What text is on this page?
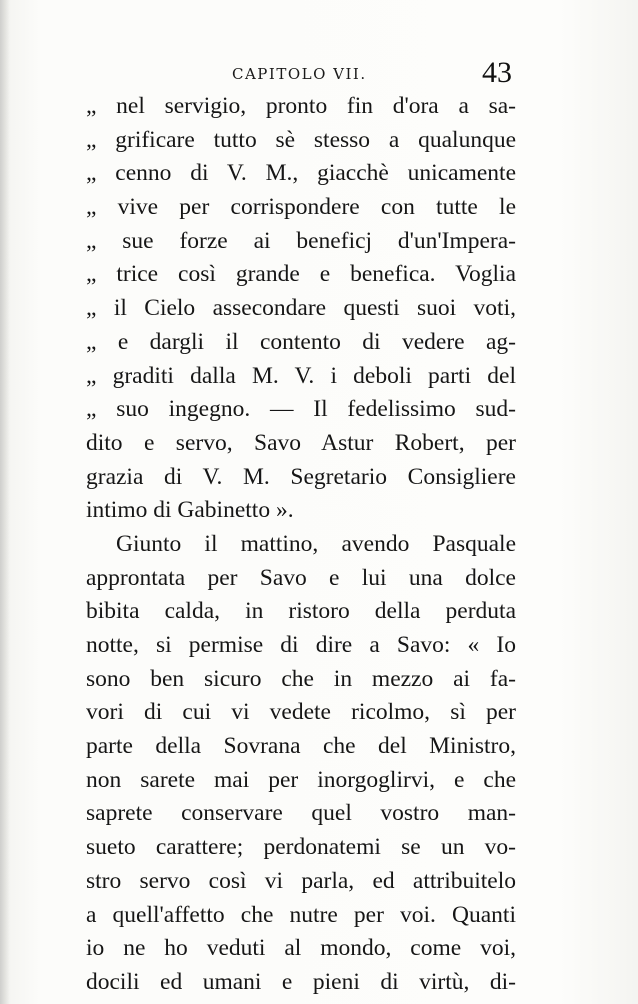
CAPITOLO VII.	43
„ nel servigio, pronto fin d'ora a sa-
„ grificare tutto sè stesso a qualunque
„ cenno di V. M., giacchè unicamente
„ vive per corrispondere con tutte le
„ sue forze ai beneficj d'un'Impera-
„ trice così grande e benefica. Voglia
„ il Cielo assecondare questi suoi voti,
„ e dargli il contento di vedere ag-
„ graditi dalla M. V. i deboli parti del
„ suo ingegno. — Il fedelissimo sud-
dito e servo, Savo Astur Robert, per
grazia di V. M. Segretario Consigliere
intimo di Gabinetto ».
Giunto il mattino, avendo Pasquale
approntata per Savo e lui una dolce
bibita calda, in ristoro della perduta
notte, si permise di dire a Savo: « Io
sono ben sicuro che in mezzo ai fa-
vori di cui vi vedete ricolmo, sì per
parte della Sovrana che del Ministro,
non sarete mai per inorgoglirvi, e che
saprete conservare quel vostro man-
sueto carattere; perdonatemi se un vo-
stro servo così vi parla, ed attribuitelo
a quell'affetto che nutre per voi. Quanti
io ne ho veduti al mondo, come voi,
docili ed umani e pieni di virtù, di-
